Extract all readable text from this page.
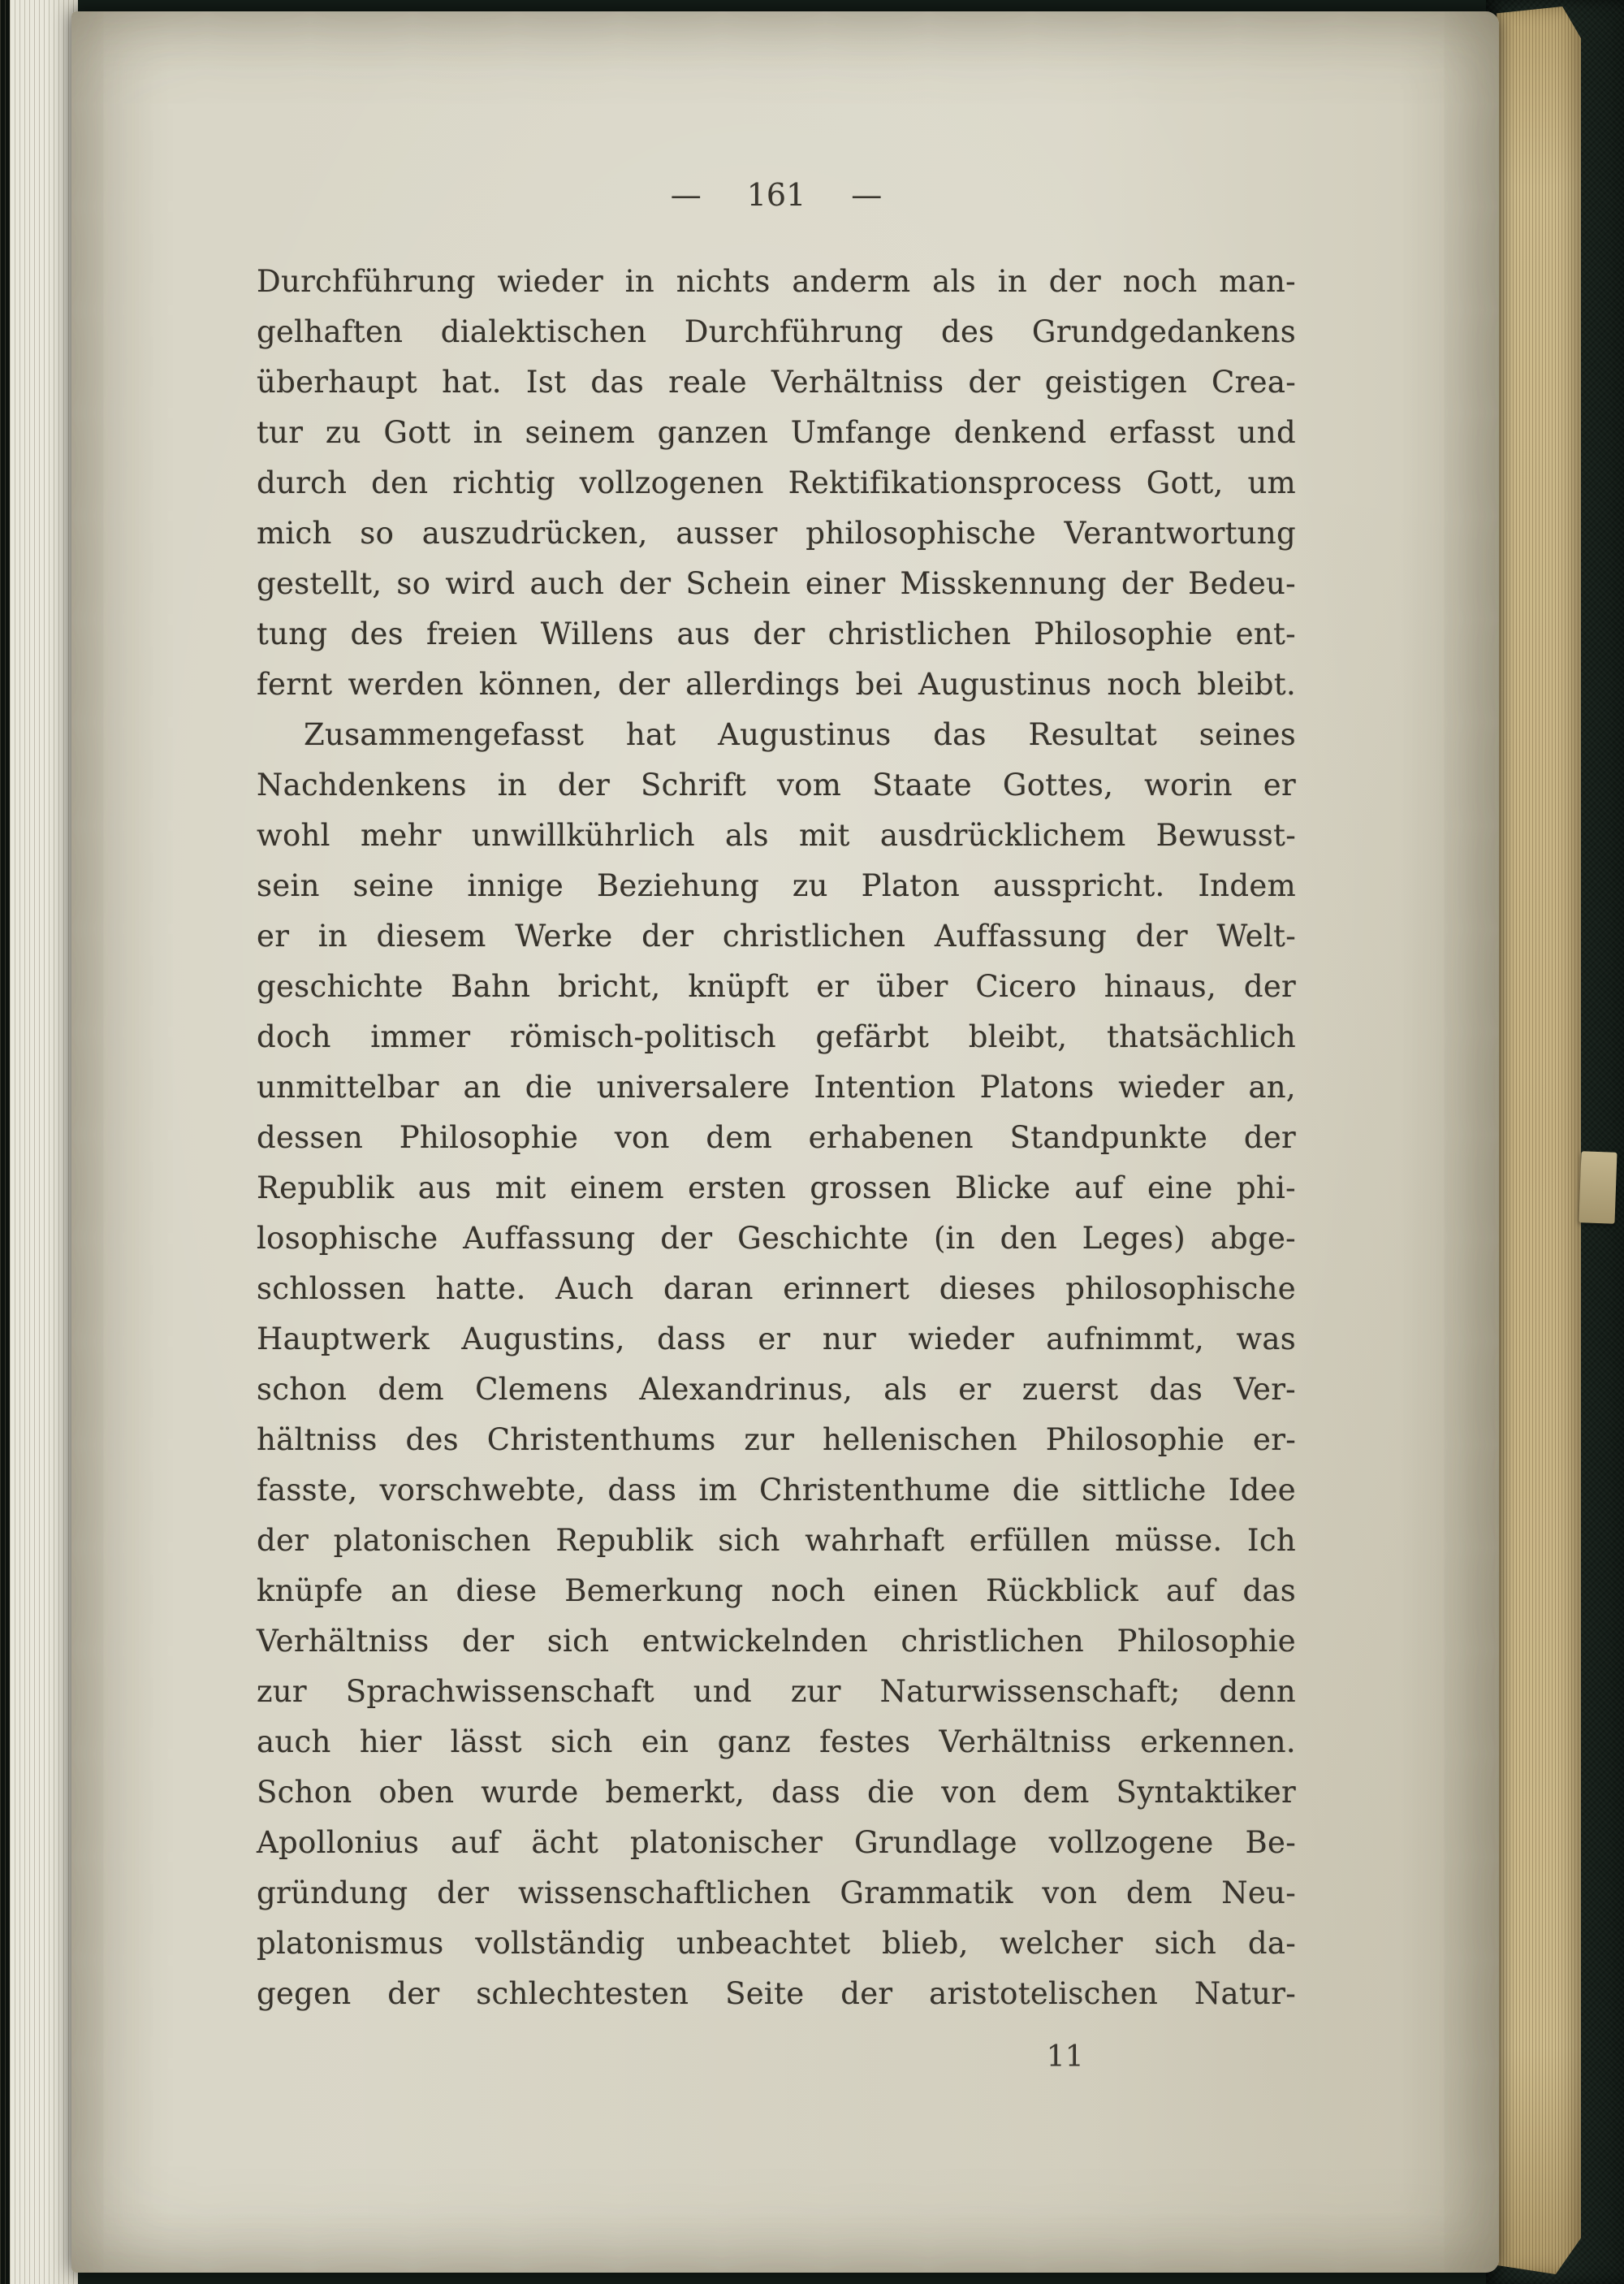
— 161 —
Durchführung wieder in nichts anderm als in der noch man-
gelhaften dialektischen Durchführung des Grundgedankens
überhaupt hat. Ist das reale Verhältniss der geistigen Crea-
tur zu Gott in seinem ganzen Umfange denkend erfasst und
durch den richtig vollzogenen Rektifikationsprocess Gott, um
mich so auszudrücken, ausser philosophische Verantwortung
gestellt, so wird auch der Schein einer Misskennung der Bedeu-
tung des freien Willens aus der christlichen Philosophie ent-
fernt werden können, der allerdings bei Augustinus noch bleibt.
Zusammengefasst hat Augustinus das Resultat seines
Nachdenkens in der Schrift vom Staate Gottes, worin er
wohl mehr unwillkührlich als mit ausdrücklichem Bewusst-
sein seine innige Beziehung zu Platon ausspricht. Indem
er in diesem Werke der christlichen Auffassung der Welt-
geschichte Bahn bricht, knüpft er über Cicero hinaus, der
doch immer römisch-politisch gefärbt bleibt, thatsächlich
unmittelbar an die universalere Intention Platons wieder an,
dessen Philosophie von dem erhabenen Standpunkte der
Republik aus mit einem ersten grossen Blicke auf eine phi-
losophische Auffassung der Geschichte (in den Leges) abge-
schlossen hatte. Auch daran erinnert dieses philosophische
Hauptwerk Augustins, dass er nur wieder aufnimmt, was
schon dem Clemens Alexandrinus, als er zuerst das Ver-
hältniss des Christenthums zur hellenischen Philosophie er-
fasste, vorschwebte, dass im Christenthume die sittliche Idee
der platonischen Republik sich wahrhaft erfüllen müsse. Ich
knüpfe an diese Bemerkung noch einen Rückblick auf das
Verhältniss der sich entwickelnden christlichen Philosophie
zur Sprachwissenschaft und zur Naturwissenschaft; denn
auch hier lässt sich ein ganz festes Verhältniss erkennen.
Schon oben wurde bemerkt, dass die von dem Syntaktiker
Apollonius auf ächt platonischer Grundlage vollzogene Be-
gründung der wissenschaftlichen Grammatik von dem Neu-
platonismus vollständig unbeachtet blieb, welcher sich da-
gegen der schlechtesten Seite der aristotelischen Natur-
11
